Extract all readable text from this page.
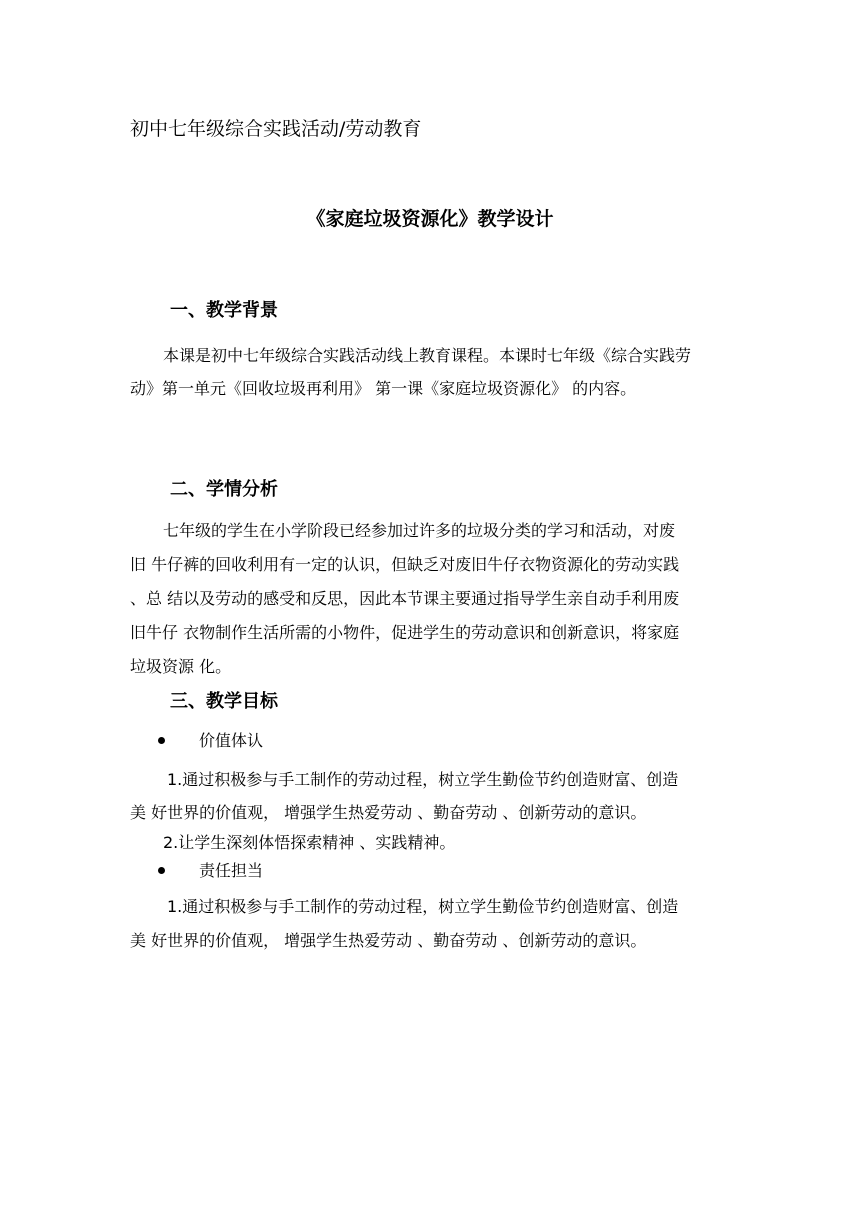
初中七年级综合实践活动/劳动教育
《家庭垃圾资源化》教学设计
一、教学背景
本课是初中七年级综合实践活动线上教育课程。本课时七年级《综合实践劳
动》第一单元《回收垃圾再利用》 第一课《家庭垃圾资源化》 的内容。
二、学情分析
七年级的学生在小学阶段已经参加过许多的垃圾分类的学习和活动，对废
旧 牛仔裤的回收利用有一定的认识，但缺乏对废旧牛仔衣物资源化的劳动实践
、总 结以及劳动的感受和反思，因此本节课主要通过指导学生亲自动手利用废
旧牛仔 衣物制作生活所需的小物件，促进学生的劳动意识和创新意识，将家庭
垃圾资源 化。
三、教学目标
价值体认
1.通过积极参与手工制作的劳动过程，树立学生勤俭节约创造财富、创造
美 好世界的价值观， 增强学生热爱劳动 、勤奋劳动 、创新劳动的意识。
2.让学生深刻体悟探索精神 、实践精神。
责任担当
1.通过积极参与手工制作的劳动过程，树立学生勤俭节约创造财富、创造
美 好世界的价值观， 增强学生热爱劳动 、勤奋劳动 、创新劳动的意识。
